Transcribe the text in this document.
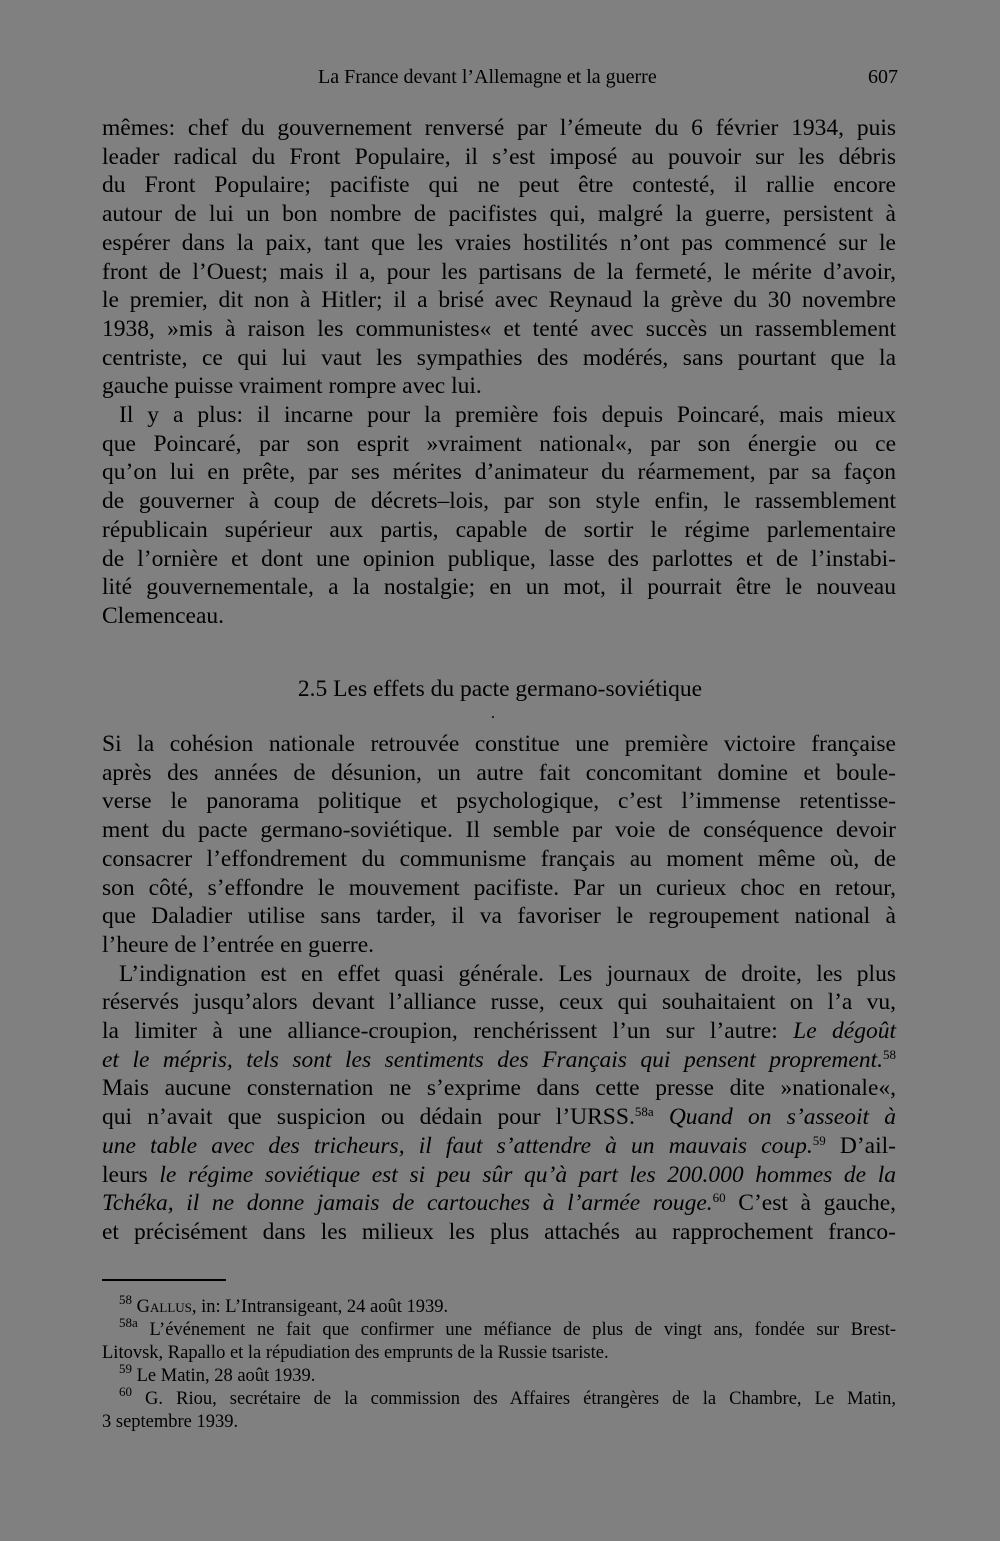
La France devant l’Allemagne et la guerre	607
mêmes: chef du gouvernement renversé par l’émeute du 6 février 1934, puis
leader radical du Front Populaire, il s’est imposé au pouvoir sur les débris
du Front Populaire; pacifiste qui ne peut être contesté, il rallie encore
autour de lui un bon nombre de pacifistes qui, malgré la guerre, persistent à
espérer dans la paix, tant que les vraies hostilités n’ont pas commencé sur le
front de l’Ouest; mais il a, pour les partisans de la fermeté, le mérite d’avoir,
le premier, dit non à Hitler; il a brisé avec Reynaud la grève du 30 novembre
1938, »mis à raison les communistes« et tenté avec succès un rassemblement
centriste, ce qui lui vaut les sympathies des modérés, sans pourtant que la
gauche puisse vraiment rompre avec lui.
Il y a plus: il incarne pour la première fois depuis Poincaré, mais mieux
que Poincaré, par son esprit »vraiment national«, par son énergie ou ce
qu’on lui en prête, par ses mérites d’animateur du réarmement, par sa façon
de gouverner à coup de décrets–lois, par son style enfin, le rassemblement
républicain supérieur aux partis, capable de sortir le régime parlementaire
de l’ornière et dont une opinion publique, lasse des parlottes et de l’instabi-
lité gouvernementale, a la nostalgie; en un mot, il pourrait être le nouveau
Clemenceau.
2.5 Les effets du pacte germano-soviétique
Si la cohésion nationale retrouvée constitue une première victoire française
après des années de désunion, un autre fait concomitant domine et boule-
verse le panorama politique et psychologique, c’est l’immense retentisse-
ment du pacte germano-soviétique. Il semble par voie de conséquence devoir
consacrer l’effondrement du communisme français au moment même où, de
son côté, s’effondre le mouvement pacifiste. Par un curieux choc en retour,
que Daladier utilise sans tarder, il va favoriser le regroupement national à
l’heure de l’entrée en guerre.
L’indignation est en effet quasi générale. Les journaux de droite, les plus
réservés jusqu’alors devant l’alliance russe, ceux qui souhaitaient on l’a vu,
la limiter à une alliance-croupion, renchérissent l’un sur l’autre: Le dégoût
et le mépris, tels sont les sentiments des Français qui pensent proprement.$^{58}$
Mais aucune consternation ne s’exprime dans cette presse dite »nationale«,
qui n’avait que suspicion ou dédain pour l’URSS.$^{58a}$ Quand on s’asseoit à
une table avec des tricheurs, il faut s’attendre à un mauvais coup.$^{59}$ D’ail-
leurs le régime soviétique est si peu sûr qu’à part les 200.000 hommes de la
Tchéka, il ne donne jamais de cartouches à l’armée rouge.$^{60}$ C’est à gauche,
et précisément dans les milieux les plus attachés au rapprochement franco-
$^{58}$ Gallus, in: L’Intransigeant, 24 août 1939.
$^{58a}$ L’événement ne fait que confirmer une méfiance de plus de vingt ans, fondée sur Brest-
Litovsk, Rapallo et la répudiation des emprunts de la Russie tsariste.
$^{59}$ Le Matin, 28 août 1939.
$^{60}$ G. Riou, secrétaire de la commission des Affaires étrangères de la Chambre, Le Matin,
3 septembre 1939.
